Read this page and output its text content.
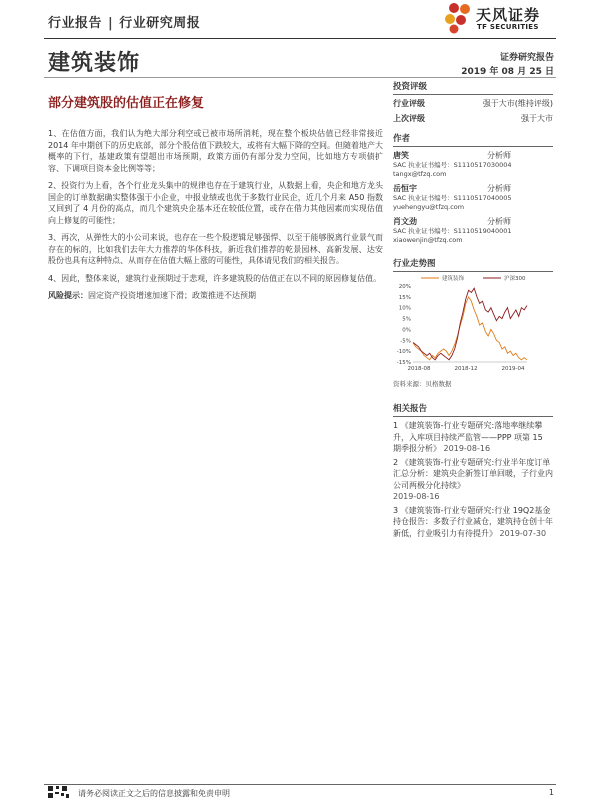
行业报告 | 行业研究周报	天风证券
TF SECURITIES
建筑装饰	证券研究报告
2019 年 08 月 25 日
部分建筑股的估值正在修复

1、在估值方面，我们认为绝大部分利空或已被市场所消耗，现在整个板块估值已经非常接近 2014 年中期创下的历史底部，部分个股估值下跌较大，或将有大幅下降的空间。但随着地产大概率的下行，基建政策有望超出市场预期，政策方面仍有部分发力空间，比如地方专项债扩容、下调项目资本金比例等等；

2、投资行为上看，各个行业龙头集中的规律也存在于建筑行业，从数据上看，央企和地方龙头国企的订单数据确实整体强于小企业，中报业绩或也优于多数行业民企，近几个月来 A50 指数又回到了 4 月份的高点，而几个建筑央企基本还在较低位置，或存在借力其他因素而实现估值向上修复的可能性；

3、再次，从弹性大的小公司来说，也存在一些个股逻辑足够强悍、以至于能够脱离行业景气而存在的标的，比如我们去年大力推荐的华体科技，新近我们推荐的乾景园林、高新发展、达安股份也具有这种特点、从而存在估值大幅上涨的可能性，具体请见我们的相关报告。

4、因此，整体来说，建筑行业预期过于悲观，许多建筑股的估值正在以不同的原因修复估值。

风险提示：固定资产投资增速加速下滑；政策推进不达预期

投资评级
行业评级	强于大市(维持评级)
上次评级	强于大市
作者
唐笑	分析师
SAC 执业证书编号：S1110517030004
tangx@tfzq.com
岳恒宇	分析师
SAC 执业证书编号：S1110517040005
yuehengyu@tfzq.com
肖文劲	分析师
SAC 执业证书编号：S1110519040001
xiaowenjin@tfzq.com
行业走势图
20%
15%
10%
5%
0%
-5%
-10%
-15%
2018-08	2018-12	2019-04
建筑装饰	沪深300
资料来源：贝格数据
相关报告
1 《建筑装饰-行业专题研究:落地率继续攀升，入库项目持续严监管——PPP 项第 15 期季报分析》 2019-08-16
2 《建筑装饰-行业专题研究:行业半年度订单汇总分析：建筑央企新签订单回暖，子行业内公司两极分化持续》
2019-08-16
3 《建筑装饰-行业专题研究:行业 19Q2基金持仓报告：多数子行业减仓，建筑持仓创十年新低，行业吸引力有待提升》 2019-07-30
请务必阅读正文之后的信息披露和免责申明	1
